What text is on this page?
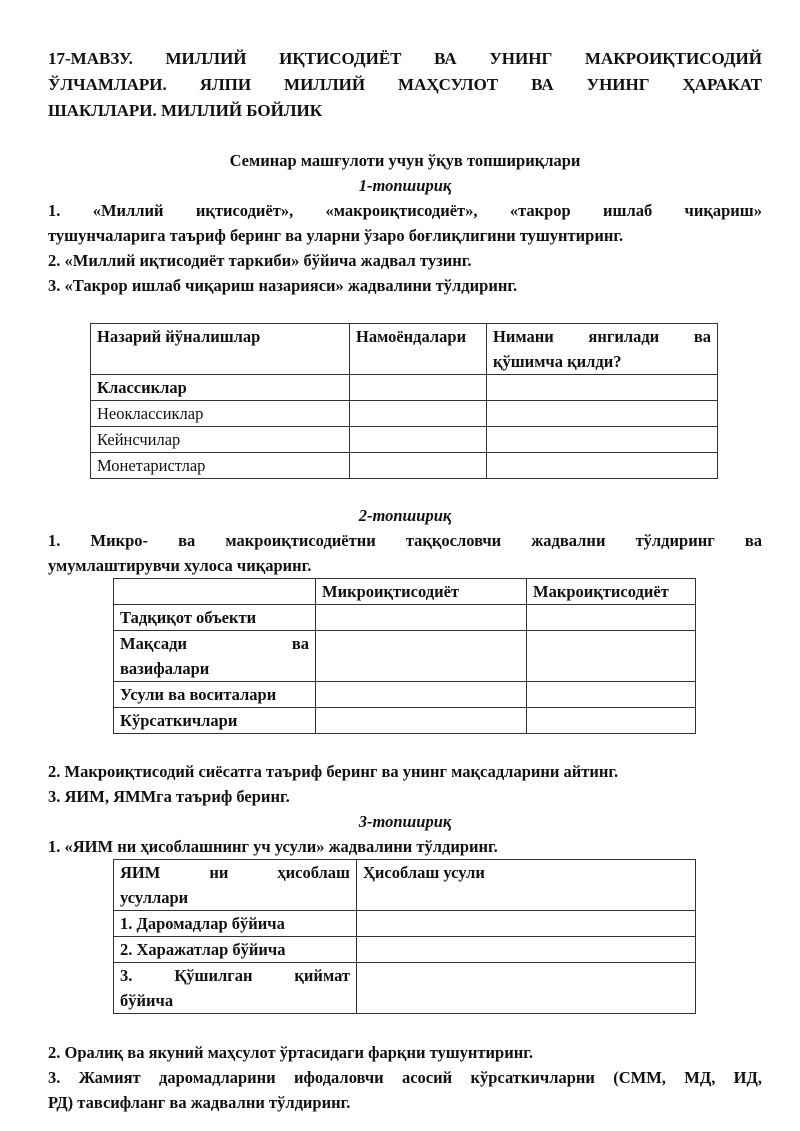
17-МАВЗУ. МИЛЛИЙ ИҚТИСОДИЁТ ВА УНИНГ МАКРОИҚТИСОДИЙ
ЎЛЧАМЛАРИ. ЯЛПИ МИЛЛИЙ МАҲСУЛОТ ВА УНИНГ ҲАРАКАТ
ШАКЛЛАРИ. МИЛЛИЙ БОЙЛИК

Семинар машғулоти учун ўқув топшириқлари

1-топшириқ

1. «Миллий иқтисодиёт», «макроиқтисодиёт», «такрор ишлаб чиқариш»

тушунчаларига таъриф беринг ва уларни ўзаро боғлиқлигини тушунтиринг.

2. «Миллий иқтисодиёт таркиби» бўйича жадвал тузинг.

3. «Такрор ишлаб чиқариш назарияси» жадвалини тўлдиринг.

Назарий йўналишлар	Намоёндалари	Нимани янгилади ва
қўшимча қилди?

Классиклар		
Неоклассиклар		
Кейнсчилар		
Монетаристлар		

2-топшириқ

1. Микро- ва макроиқтисодиётни таққословчи жадвални тўлдиринг ва

умумлаштирувчи хулоса чиқаринг.

	Микроиқтисодиёт	Макроиқтисодиёт
Тадқиқот объекти		

Мақсади ва
вазифалари		

Усули ва воситалари		
Кўрсаткичлари		

2. Макроиқтисодий сиёсатга таъриф беринг ва унинг мақсадларини айтинг.

3. ЯИМ, ЯММга таъриф беринг.

3-топшириқ

1. «ЯИМ ни ҳисоблашнинг уч усули» жадвалини тўлдиринг.

ЯИМ ни ҳисоблаш
усуллари	Ҳисоблаш усули
1. Даромадлар бўйича	
2. Харажатлар бўйича	

3. Қўшилган қиймат
бўйича	

2. Оралиқ ва якуний маҳсулот ўртасидаги фарқни тушунтиринг.

3. Жамият даромадларини ифодаловчи асосий кўрсаткичларни (СММ, МД, ИД,

РД) тавсифланг ва жадвални тўлдиринг.
